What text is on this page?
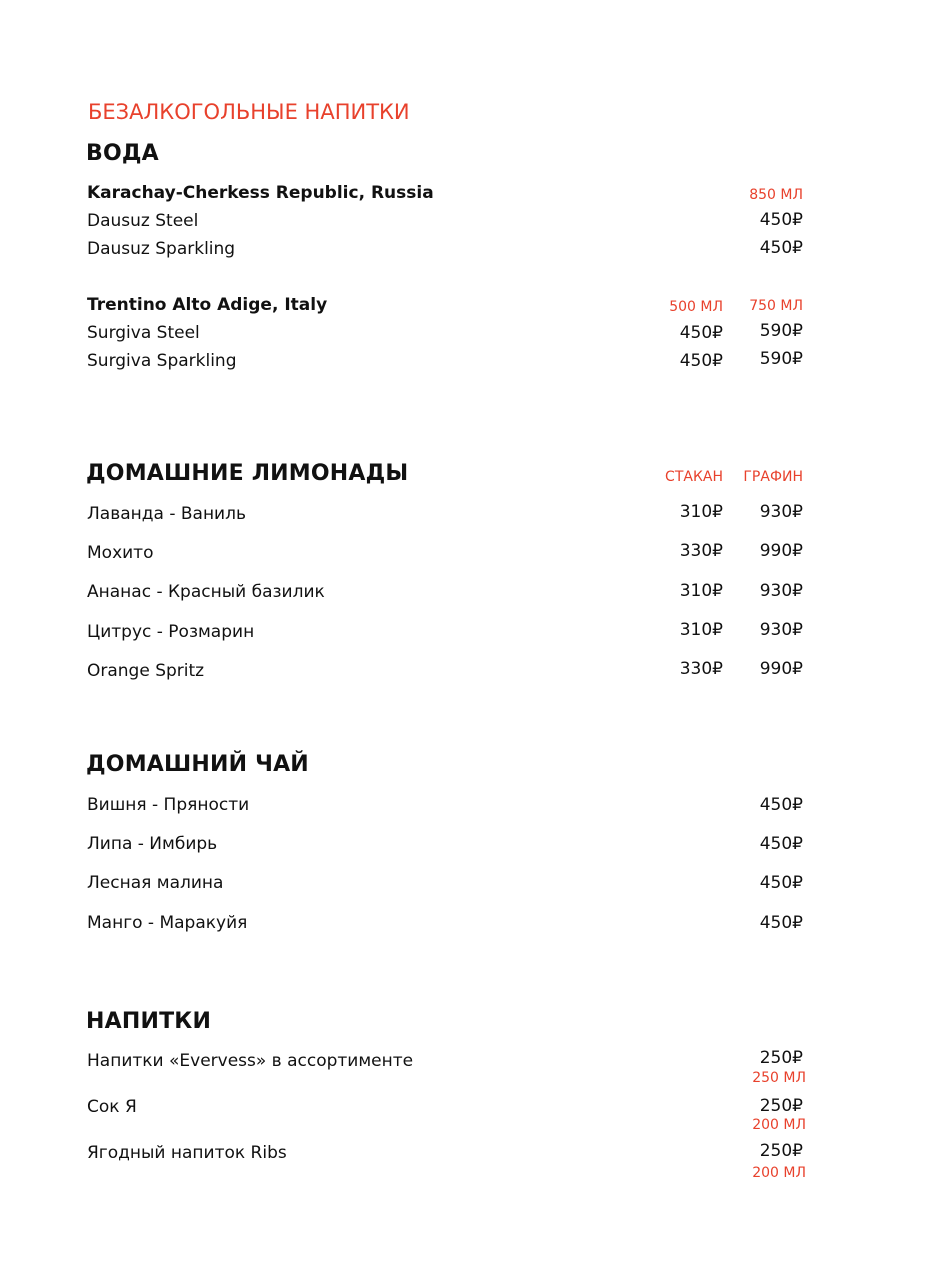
БЕЗАЛКОГОЛЬНЫЕ НАПИТКИ
ВОДА
Karachay-Cherkess Republic, Russia	850 МЛ
Dausuz Steel	450₽
Dausuz Sparkling	450₽
Trentino Alto Adige, Italy	500 МЛ 750 МЛ
Surgiva Steel	450₽ 590₽
Surgiva Sparkling	450₽ 590₽
ДОМАШНИЕ ЛИМОНАДЫ	СТАКАН ГРАФИН
Лаванда - Ваниль	310₽ 930₽
Мохито	330₽ 990₽
Ананас - Красный базилик	310₽ 930₽
Цитрус - Розмарин	310₽ 930₽
Orange Spritz	330₽ 990₽
ДОМАШНИЙ ЧАЙ
Вишня - Пряности	450₽
Липа - Имбирь	450₽
Лесная малина	450₽
Манго - Маракуйя	450₽
НАПИТКИ
Напитки «Evervess» в ассортименте	250₽
250 МЛ
Сок Я	250₽
200 МЛ
Ягодный напиток Ribs	250₽
200 МЛ
